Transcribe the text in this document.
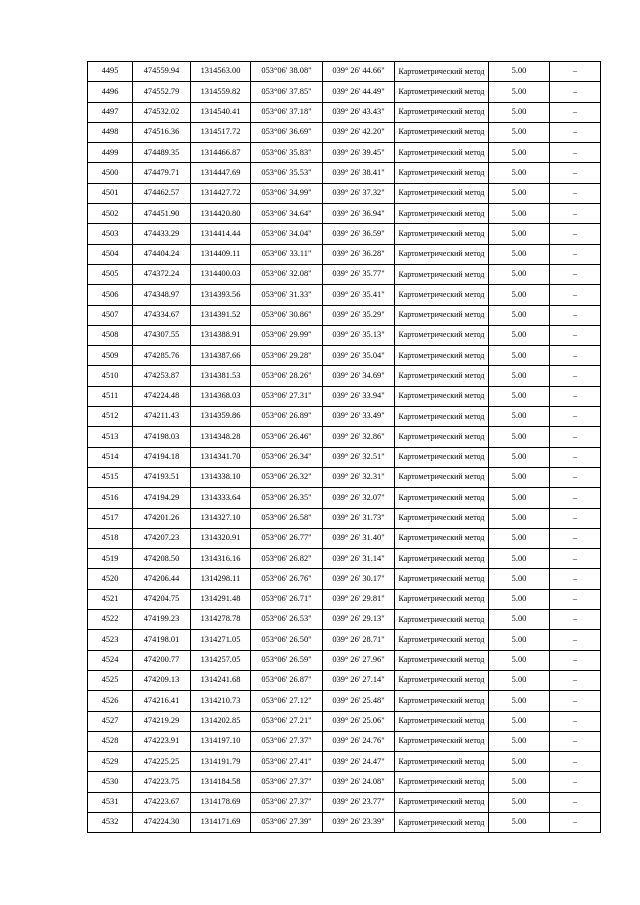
4495	474559.94	1314563.00	053°06' 38.08"	039° 26' 44.66"	Картометрический метод	5.00	–
4496	474552.79	1314559.82	053°06' 37.85"	039° 26' 44.49"	Картометрический метод	5.00	–
4497	474532.02	1314540.41	053°06' 37.18"	039° 26' 43.43"	Картометрический метод	5.00	–
4498	474516.36	1314517.72	053°06' 36.69"	039° 26' 42.20"	Картометрический метод	5.00	–
4499	474489.35	1314466.87	053°06' 35.83"	039° 26' 39.45"	Картометрический метод	5.00	–
4500	474479.71	1314447.69	053°06' 35.53"	039° 26' 38.41"	Картометрический метод	5.00	–
4501	474462.57	1314427.72	053°06' 34.99"	039° 26' 37.32"	Картометрический метод	5.00	–
4502	474451.90	1314420.80	053°06' 34.64"	039° 26' 36.94"	Картометрический метод	5.00	–
4503	474433.29	1314414.44	053°06' 34.04"	039° 26' 36.59"	Картометрический метод	5.00	–
4504	474404.24	1314409.11	053°06' 33.11"	039° 26' 36.28"	Картометрический метод	5.00	–
4505	474372.24	1314400.03	053°06' 32.08"	039° 26' 35.77"	Картометрический метод	5.00	–
4506	474348.97	1314393.56	053°06' 31.33"	039° 26' 35.41"	Картометрический метод	5.00	–
4507	474334.67	1314391.52	053°06' 30.86"	039° 26' 35.29"	Картометрический метод	5.00	–
4508	474307.55	1314388.91	053°06' 29.99"	039° 26' 35.13"	Картометрический метод	5.00	–
4509	474285.76	1314387.66	053°06' 29.28"	039° 26' 35.04"	Картометрический метод	5.00	–
4510	474253.87	1314381.53	053°06' 28.26"	039° 26' 34.69"	Картометрический метод	5.00	–
4511	474224.48	1314368.03	053°06' 27.31"	039° 26' 33.94"	Картометрический метод	5.00	–
4512	474211.43	1314359.86	053°06' 26.89"	039° 26' 33.49"	Картометрический метод	5.00	–
4513	474198.03	1314348.28	053°06' 26.46"	039° 26' 32.86"	Картометрический метод	5.00	–
4514	474194.18	1314341.70	053°06' 26.34"	039° 26' 32.51"	Картометрический метод	5.00	–
4515	474193.51	1314338.10	053°06' 26.32"	039° 26' 32.31"	Картометрический метод	5.00	–
4516	474194.29	1314333.64	053°06' 26.35"	039° 26' 32.07"	Картометрический метод	5.00	–
4517	474201.26	1314327.10	053°06' 26.58"	039° 26' 31.73"	Картометрический метод	5.00	–
4518	474207.23	1314320.91	053°06' 26.77"	039° 26' 31.40"	Картометрический метод	5.00	–
4519	474208.50	1314316.16	053°06' 26.82"	039° 26' 31.14"	Картометрический метод	5.00	–
4520	474206.44	1314298.11	053°06' 26.76"	039° 26' 30.17"	Картометрический метод	5.00	–
4521	474204.75	1314291.48	053°06' 26.71"	039° 26' 29.81"	Картометрический метод	5.00	–
4522	474199.23	1314278.78	053°06' 26.53"	039° 26' 29.13"	Картометрический метод	5.00	–
4523	474198.01	1314271.05	053°06' 26.50"	039° 26' 28.71"	Картометрический метод	5.00	–
4524	474200.77	1314257.05	053°06' 26.59"	039° 26' 27.96"	Картометрический метод	5.00	–
4525	474209.13	1314241.68	053°06' 26.87"	039° 26' 27.14"	Картометрический метод	5.00	–
4526	474216.41	1314210.73	053°06' 27.12"	039° 26' 25.48"	Картометрический метод	5.00	–
4527	474219.29	1314202.85	053°06' 27.21"	039° 26' 25.06"	Картометрический метод	5.00	–
4528	474223.91	1314197.10	053°06' 27.37"	039° 26' 24.76"	Картометрический метод	5.00	–
4529	474225.25	1314191.79	053°06' 27.41"	039° 26' 24.47"	Картометрический метод	5.00	–
4530	474223.75	1314184.58	053°06' 27.37"	039° 26' 24.08"	Картометрический метод	5.00	–
4531	474223.67	1314178.69	053°06' 27.37"	039° 26' 23.77"	Картометрический метод	5.00	–
4532	474224.30	1314171.69	053°06' 27.39"	039° 26' 23.39"	Картометрический метод	5.00	–
